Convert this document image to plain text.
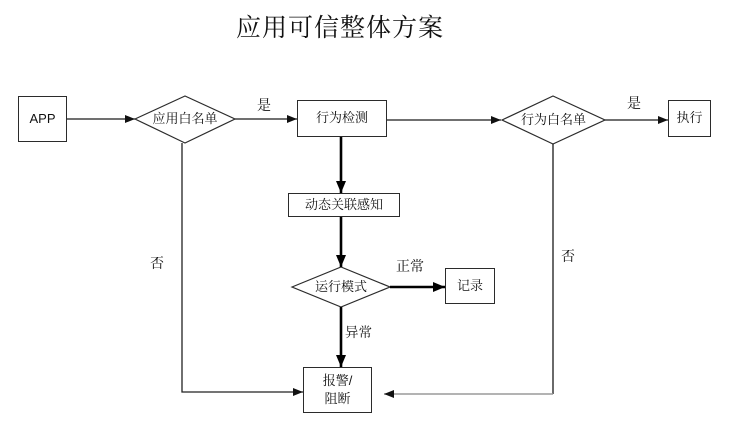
应用可信整体方案
APP	行为检测	执行
动态关联感知
记录
报警/
阻断
应用白名单	行为白名单
运行模式
是	是
否	否
正常
异常
